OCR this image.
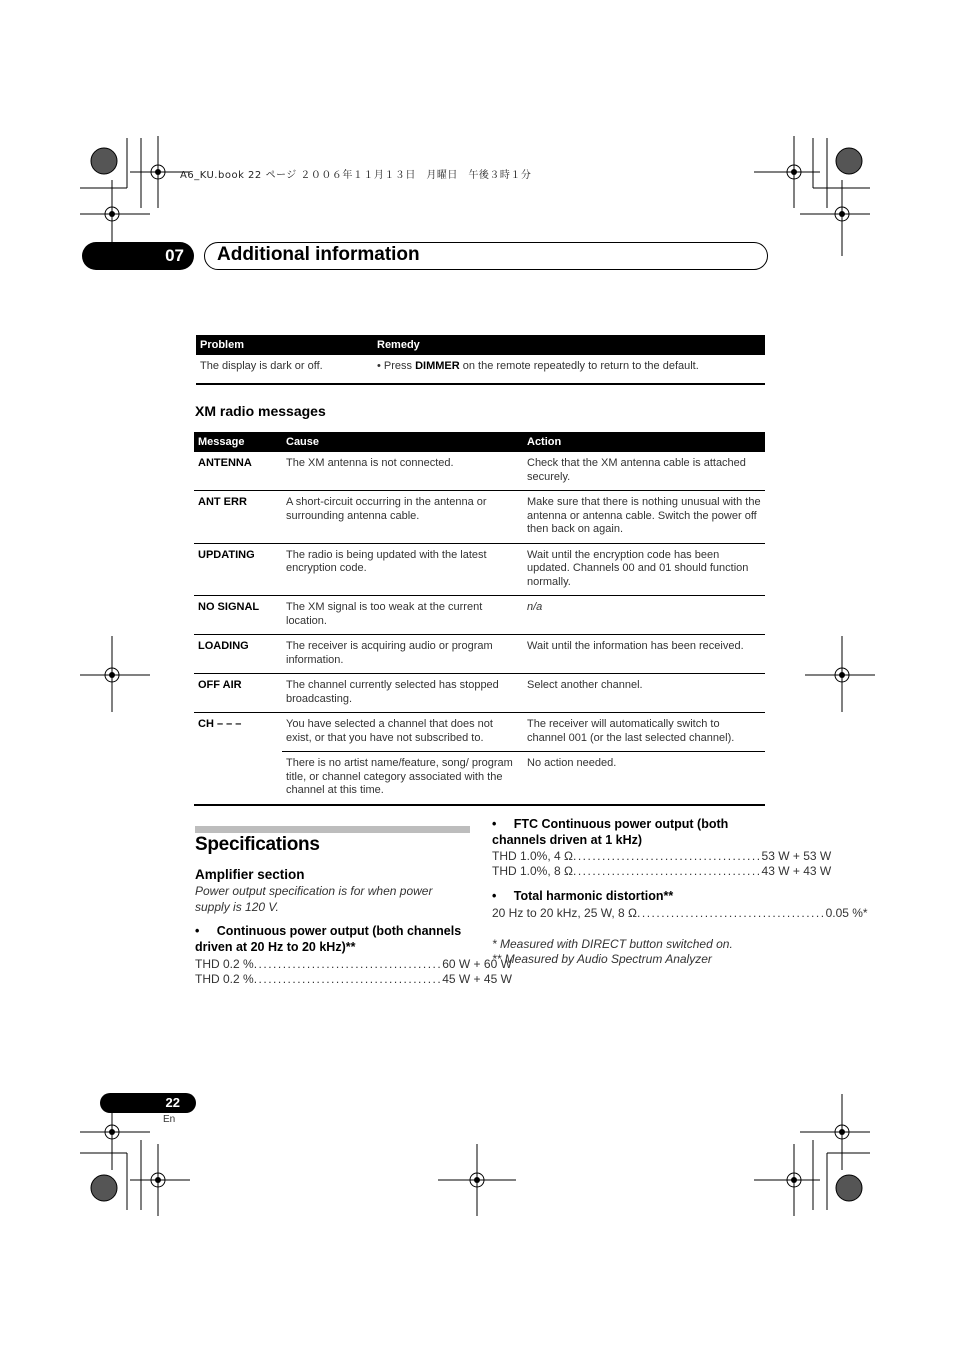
A6_KU.book 22 ページ ２００６年１１月１３日　月曜日　午後３時１分
07 Additional information
Problem	Remedy
The display is dark or off.	• Press DIMMER on the remote repeatedly to return to the default.
XM radio messages
Message	Cause	Action
ANTENNA	The XM antenna is not connected.	Check that the XM antenna cable is attached securely.
ANT ERR	A short-circuit occurring in the antenna or surrounding antenna cable.	Make sure that there is nothing unusual with the antenna or antenna cable. Switch the power off then back on again.
UPDATING	The radio is being updated with the latest encryption code.	Wait until the encryption code has been updated. Channels 00 and 01 should function normally.
NO SIGNAL	The XM signal is too weak at the current location.	n/a
LOADING	The receiver is acquiring audio or program information.	Wait until the information has been received.
OFF AIR	The channel currently selected has stopped broadcasting.	Select another channel.
CH – – –	You have selected a channel that does not exist, or that you have not subscribed to.	The receiver will automatically switch to channel 001 (or the last selected channel).
	There is no artist name/feature, song/ program title, or channel category associated with the channel at this time.	No action needed.
Specifications
Amplifier section
Power output specification is for when power supply is 120 V.
•     Continuous power output (both channels driven at 20 Hz to 20 kHz)**
THD 0.2 % ....................................... 60 W + 60 W
THD 0.2 % ....................................... 45 W + 45 W
•     FTC Continuous power output (both channels driven at 1 kHz)
THD 1.0%, 4 Ω ....................................... 53 W + 53 W
THD 1.0%, 8 Ω ....................................... 43 W + 43 W
•     Total harmonic distortion**
20 Hz to 20 kHz, 25 W, 8 Ω ....................................... 0.05 %*
* Measured with DIRECT button switched on.
** Measured by Audio Spectrum Analyzer
22
En
